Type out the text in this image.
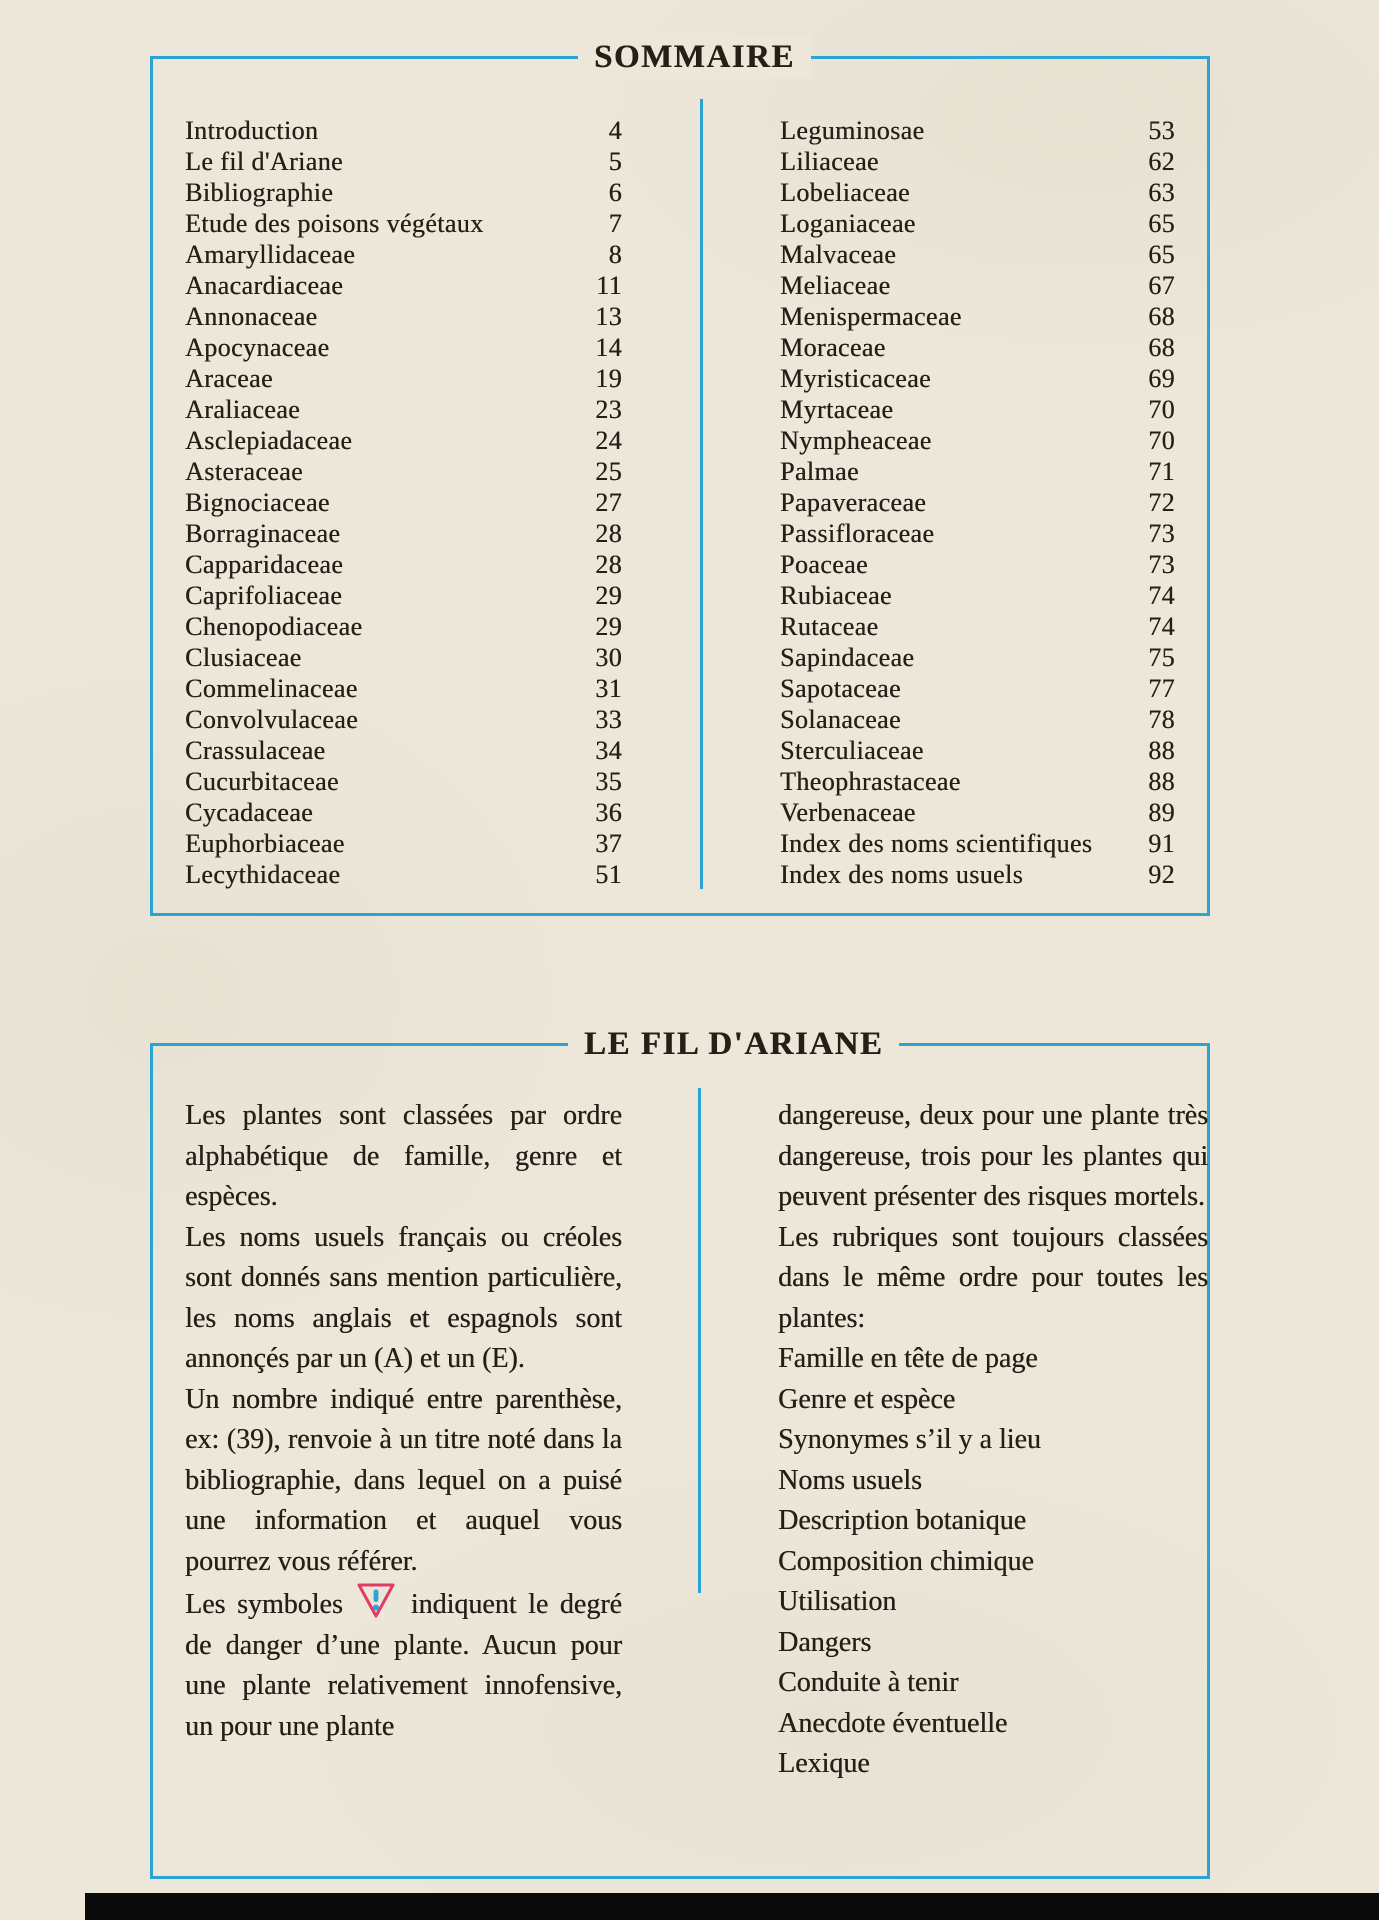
SOMMAIRE
Introduction	4
Le fil d'Ariane	5
Bibliographie	6
Etude des poisons végétaux	7
Amaryllidaceae	8
Anacardiaceae	11
Annonaceae	13
Apocynaceae	14
Araceae	19
Araliaceae	23
Asclepiadaceae	24
Asteraceae	25
Bignociaceae	27
Borraginaceae	28
Capparidaceae	28
Caprifoliaceae	29
Chenopodiaceae	29
Clusiaceae	30
Commelinaceae	31
Convolvulaceae	33
Crassulaceae	34
Cucurbitaceae	35
Cycadaceae	36
Euphorbiaceae	37
Lecythidaceae	51
Leguminosae	53
Liliaceae	62
Lobeliaceae	63
Loganiaceae	65
Malvaceae	65
Meliaceae	67
Menispermaceae	68
Moraceae	68
Myristicaceae	69
Myrtaceae	70
Nympheaceae	70
Palmae	71
Papaveraceae	72
Passifloraceae	73
Poaceae	73
Rubiaceae	74
Rutaceae	74
Sapindaceae	75
Sapotaceae	77
Solanaceae	78
Sterculiaceae	88
Theophrastaceae	88
Verbenaceae	89
Index des noms scientifiques	91
Index des noms usuels	92
LE FIL D'ARIANE

Les plantes sont classées par ordre alphabétique de famille, genre et espèces.

Les noms usuels français ou créoles sont donnés sans mention particulière, les noms anglais et espagnols sont annonçés par un (A) et un (E).

Un nombre indiqué entre parenthèse, ex: (39), renvoie à un titre noté dans la bibliographie, dans lequel on a puisé une information et auquel vous pourrez vous référer.

Les symboles indiquent le degré de danger d’une plante. Aucun pour une plante relativement innofensive, un pour une plante

dangereuse, deux pour une plante très dangereuse, trois pour les plantes qui peuvent présenter des risques mortels.

Les rubriques sont toujours classées dans le même ordre pour toutes les plantes:

Famille en tête de page
Genre et espèce
Synonymes s’il y a lieu
Noms usuels
Description botanique
Composition chimique
Utilisation
Dangers
Conduite à tenir
Anecdote éventuelle
Lexique
